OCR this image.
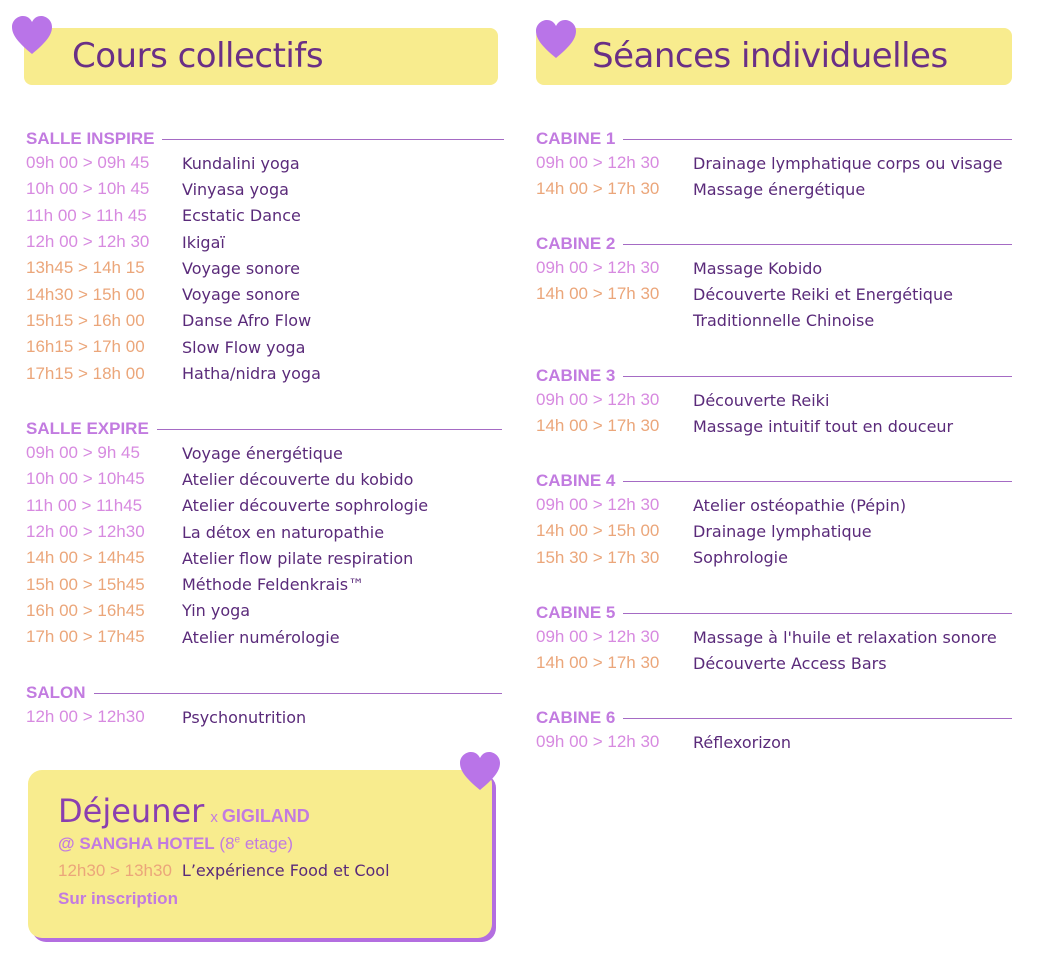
Cours collectifs
SALLE INSPIRE
09h 00 > 09h 45	Kundalini yoga
10h 00 > 10h 45	Vinyasa yoga
11h 00 > 11h 45	Ecstatic Dance
12h 00 > 12h 30	Ikigaï
13h45 > 14h 15	Voyage sonore
14h30 > 15h 00	Voyage sonore
15h15 > 16h 00	Danse Afro Flow
16h15 > 17h 00	Slow Flow yoga
17h15 > 18h 00	Hatha/nidra yoga
SALLE EXPIRE
09h 00 > 9h 45	Voyage énergétique
10h 00 > 10h45	Atelier découverte du kobido
11h 00 > 11h45	Atelier découverte sophrologie
12h 00 > 12h30	La détox en naturopathie
14h 00 > 14h45	Atelier flow pilate respiration
15h 00 > 15h45	Méthode Feldenkrais™
16h 00 > 16h45	Yin yoga
17h 00 > 17h45	Atelier numérologie
SALON
12h 00 > 12h30	Psychonutrition
Séances individuelles
CABINE 1
09h 00 > 12h 30	Drainage lymphatique corps ou visage
14h 00 > 17h 30	Massage énergétique
CABINE 2
09h 00 > 12h 30	Massage Kobido
14h 00 > 17h 30	Découverte Reiki et Energétique
Traditionnelle Chinoise
CABINE 3
09h 00 > 12h 30	Découverte Reiki
14h 00 > 17h 30	Massage intuitif tout en douceur
CABINE 4
09h 00 > 12h 30	Atelier ostéopathie (Pépin)
14h 00 > 15h 00	Drainage lymphatique
15h 30 > 17h 30	Sophrologie
CABINE 5
09h 00 > 12h 30	Massage à l'huile et relaxation sonore
14h 00 > 17h 30	Découverte Access Bars
CABINE 6
09h 00 > 12h 30	Réflexorizon
Déjeuner x GIGILAND
@ SANGHA HOTEL (8e etage)
12h30 > 13h30 L’expérience Food et Cool
Sur inscription
